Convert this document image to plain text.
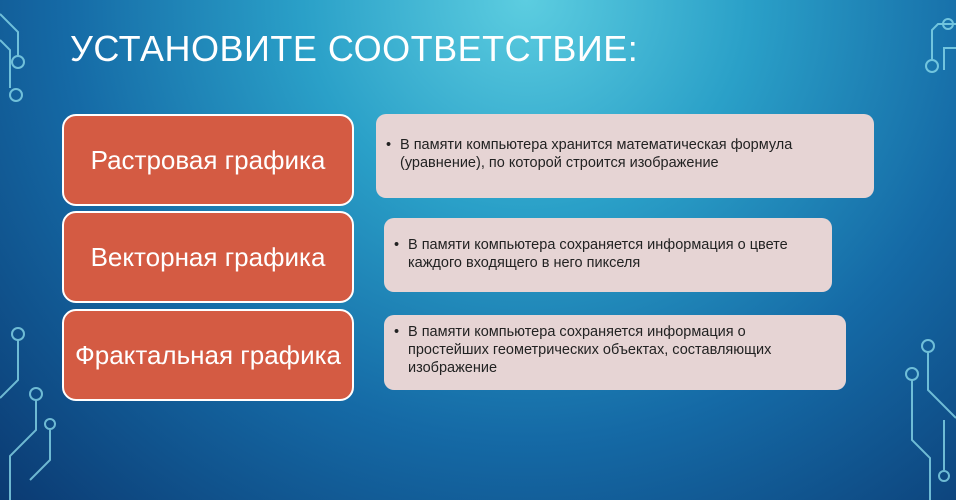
УСТАНОВИТЕ СООТВЕТСТВИЕ:
Растровая графика
Векторная графика
Фрактальная графика
• В памяти компьютера хранится математическая формула (уравнение), по которой строится изображение
• В памяти компьютера сохраняется информация о цвете каждого входящего в него пикселя
• В памяти компьютера сохраняется информация о простейших геометрических объектах, составляющих изображение
